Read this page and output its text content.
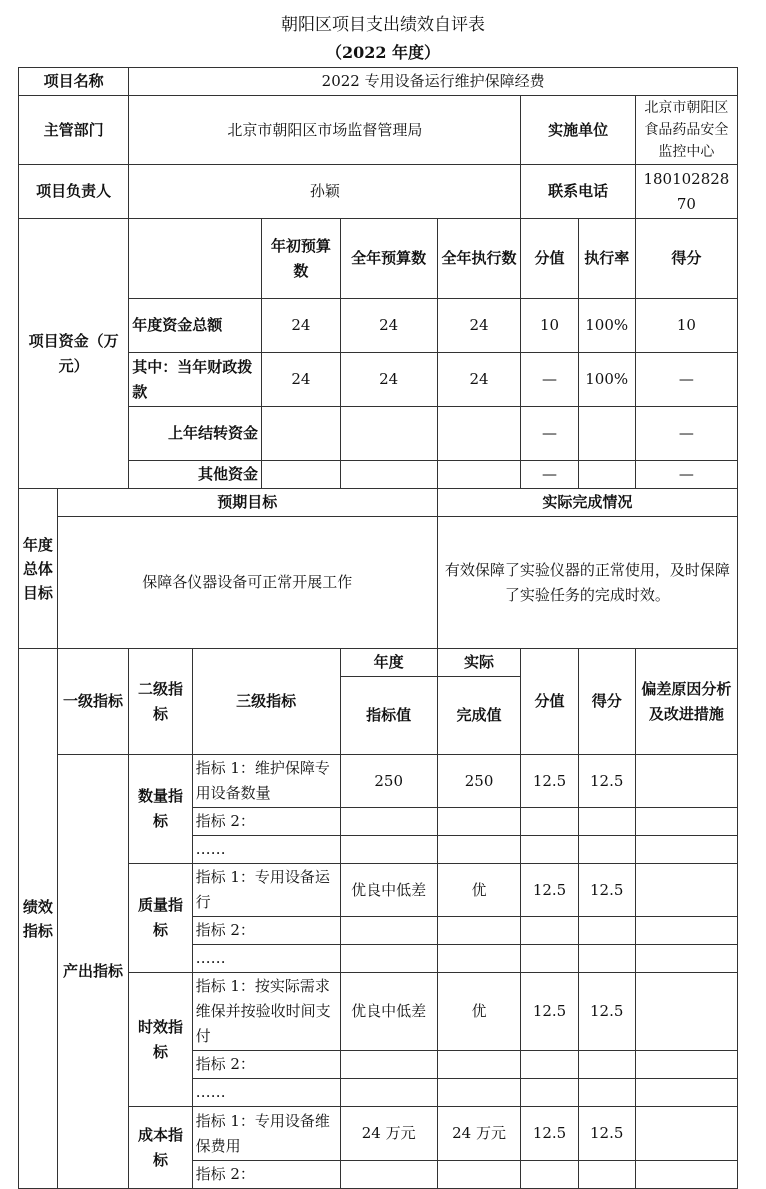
朝阳区项目支出绩效自评表
（2022 年度）
项目名称		2022 专用设备运行维护保障经费							
主管部门		北京市朝阳区市场监督管理局					实施单位		北京市朝阳区食品药品安全监控中心
项目负责人		孙颖					联系电话		18010282870
项目资金（万元）				年初预算数	全年预算数	全年执行数	分值	执行率	得分
		年度资金总额		24	24	24	10	100%	10
		其中：当年财政拨款		24	24	24	—	100%	—
		上年结转资金					—		—
		其他资金					—		—
年度总体目标	预期目标					实际完成情况			
	保障各仪器设备可正常开展工作					有效保障了实验仪器的正常使用，及时保障了实验任务的完成时效。			
绩效指标	一级指标	二级指标	三级指标		年度	实际	分值	得分	偏差原因分析及改进措施
					指标值	完成值			
	产出指标	数量指标	指标 1：维护保障专用设备数量		250	250	12.5	12.5	
			指标 2：						
			……						
		质量指标	指标 1：专用设备运行		优良中低差	优	12.5	12.5	
			指标 2：						
			……						
		时效指标	指标 1：按实际需求维保并按验收时间支付		优良中低差	优	12.5	12.5	
			指标 2：						
			……						
		成本指标	指标 1：专用设备维保费用		24 万元	24 万元	12.5	12.5	
			指标 2：						
